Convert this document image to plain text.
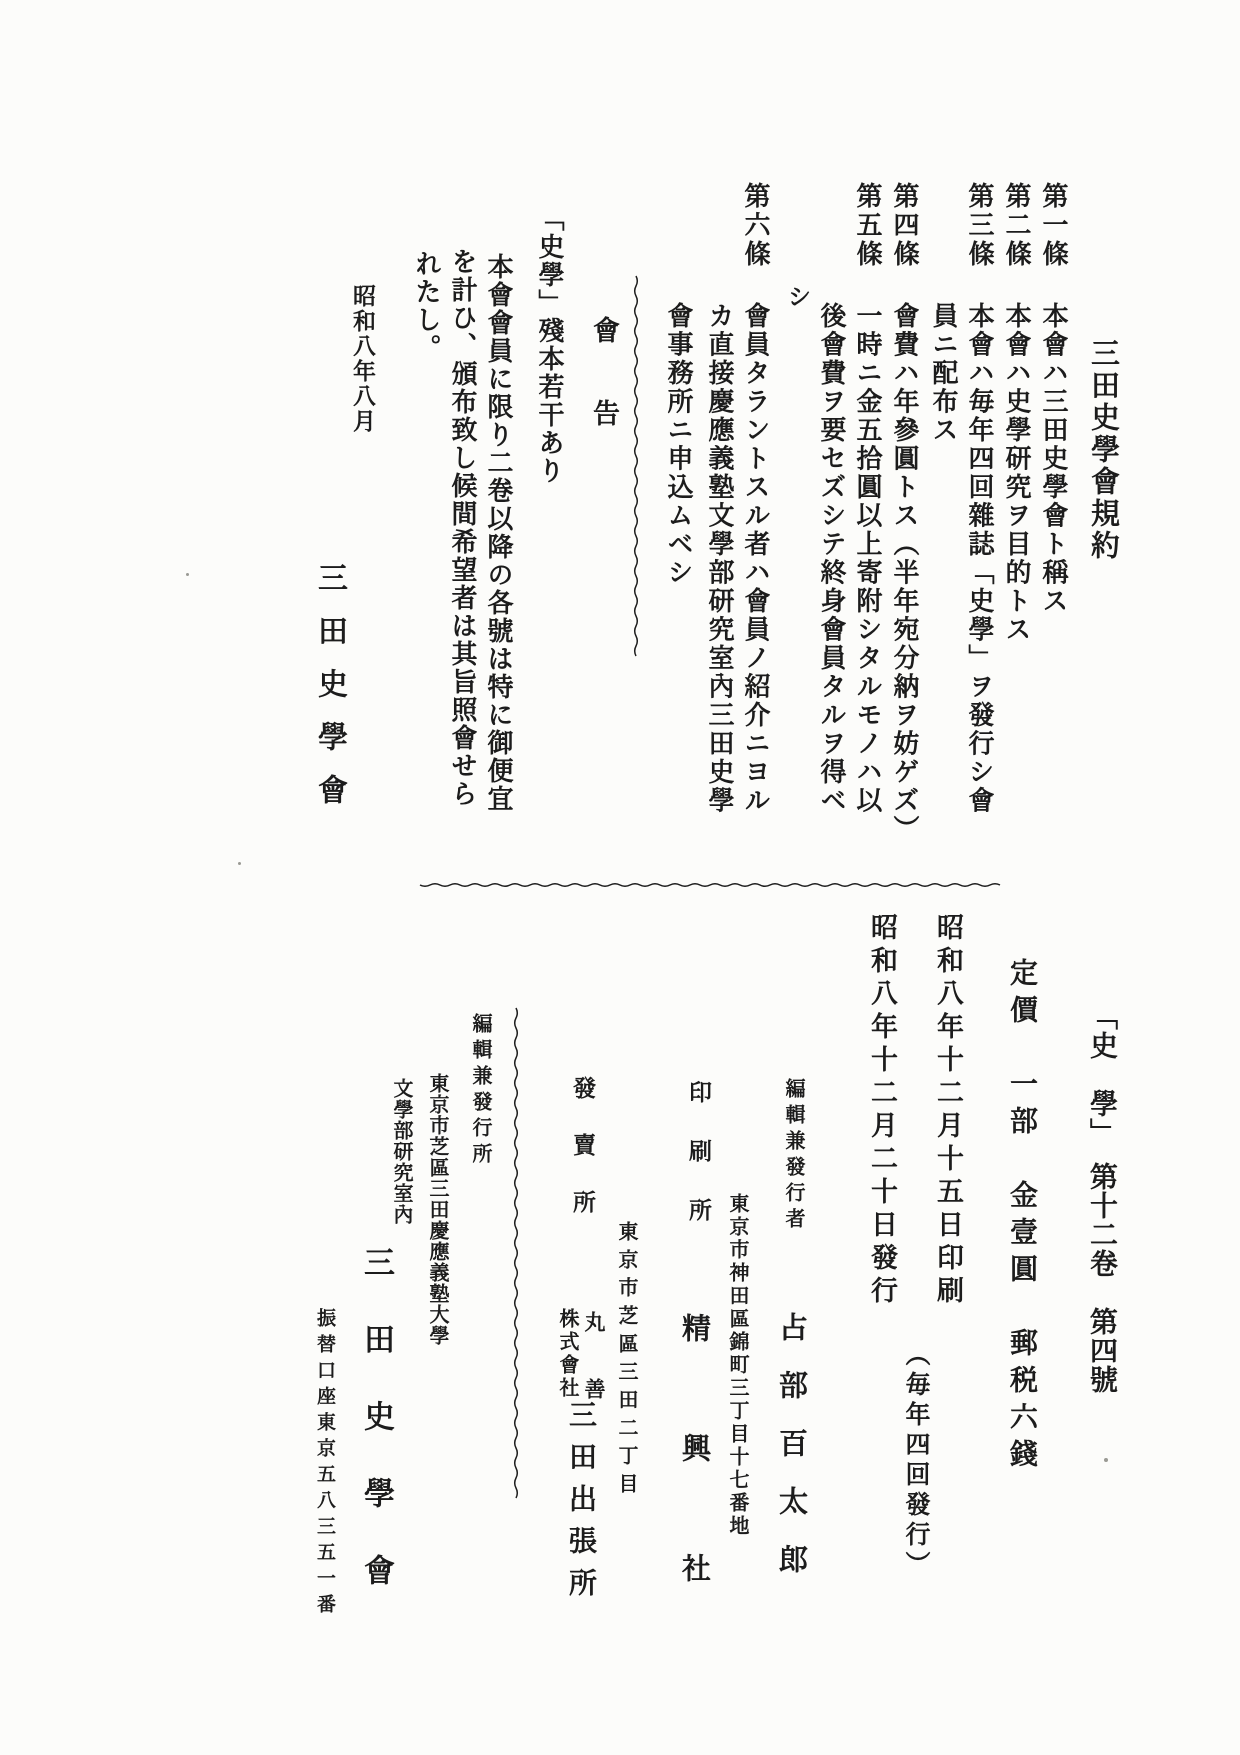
三田史學會規約
第一條
本會ハ三田史學會ト稱ス
第二條
本會ハ史學研究ヲ目的トス
第三條
本會ハ毎年四回雜誌「史學」ヲ發行シ會
員ニ配布ス
第四條
會費ハ年參圓トス（半年宛分納ヲ妨ゲズ）
第五條
一時ニ金五拾圓以上寄附シタルモノハ以
後會費ヲ要セズシテ終身會員タルヲ得ベ
シ
第六條
會員タラントスル者ハ會員ノ紹介ニヨル
カ直接慶應義塾文學部研究室內三田史學
會事務所ニ申込ムベシ
會告
「史學」殘本若干あり
本會會員に限り二卷以降の各號は特に御便宜
を計ひ、頒布致し候間希望者は其旨照會せら
れたし。
昭和八年八月
三田史學會
「史　學」　第十二卷　第四號
定價　一部　金壹圓　郵税六錢
昭和八年十二月十五日印刷
（毎年四回發行）
昭和八年十二月二十日發行
編輯兼發行者
占部百太郎
東京市神田區錦町三丁目十七番地
印刷所
精興社
東京市芝區三田二丁目
發賣所
丸善
株式會社
三田出張所
編輯兼發行所
東京市芝區三田慶應義塾大學
文學部研究室內
三田史學會
振替口座東京五八三五一番
